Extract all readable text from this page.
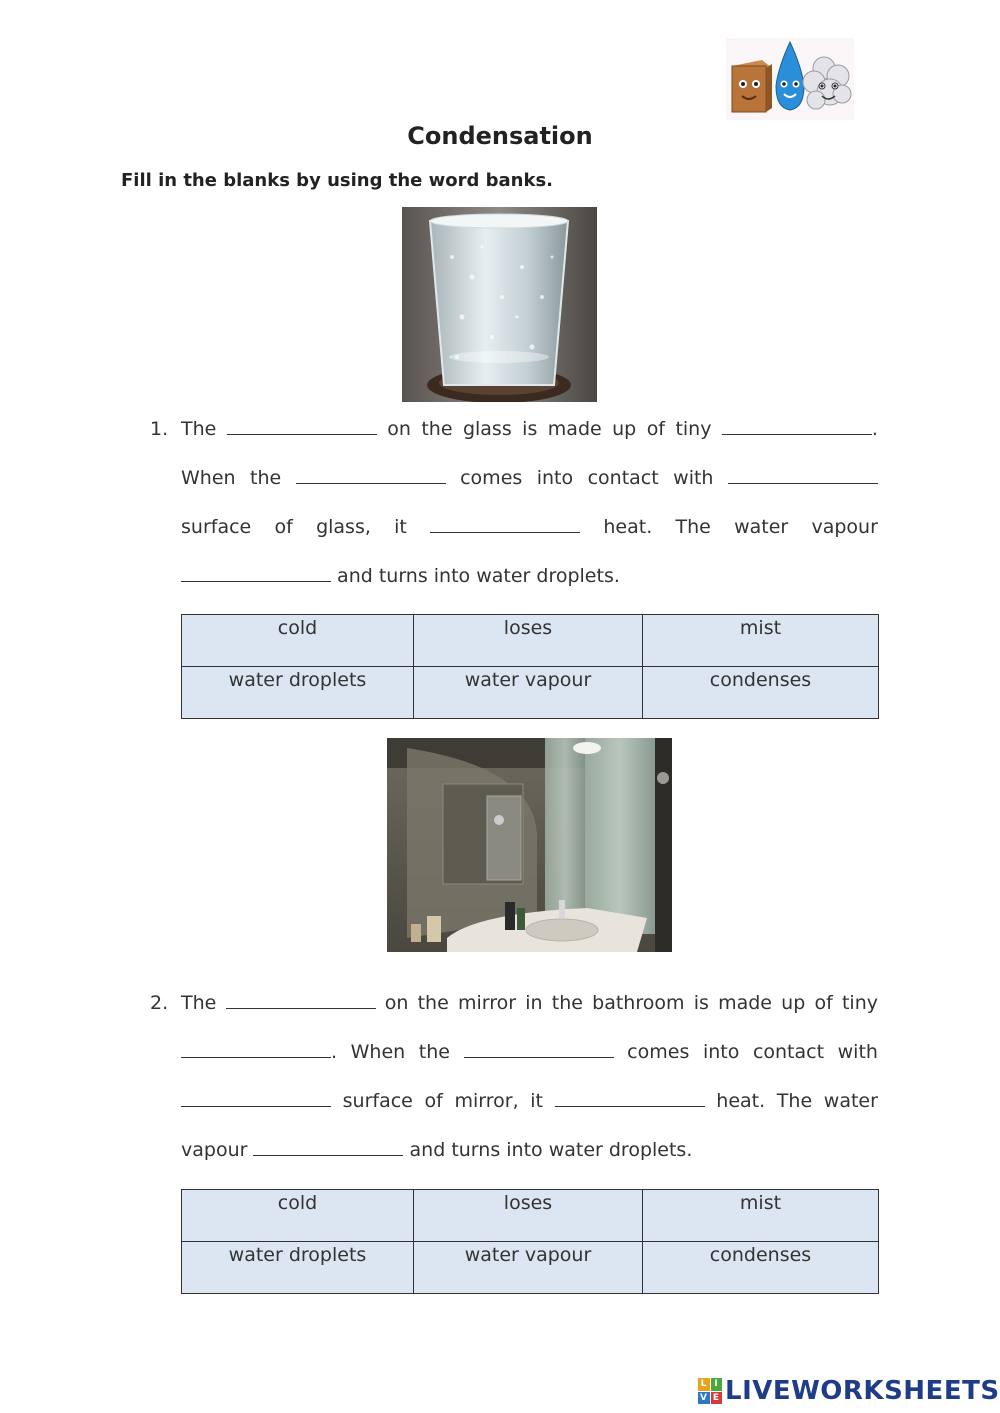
Condensation
Fill in the blanks by using the word banks.
1. The	on the glass is made up of tiny	.
When the	comes into contact with
surface of glass, it	heat. The water vapour
and turns into water droplets.
cold	loses	mist
water droplets	water vapour	condenses
2. The	on the mirror in the bathroom is made up of tiny
. When the	comes into contact with
surface of mirror, it	heat. The water
vapour	and turns into water droplets.
cold	loses	mist
water droplets	water vapour	condenses
L I
V E LIVEWORKSHEETS
